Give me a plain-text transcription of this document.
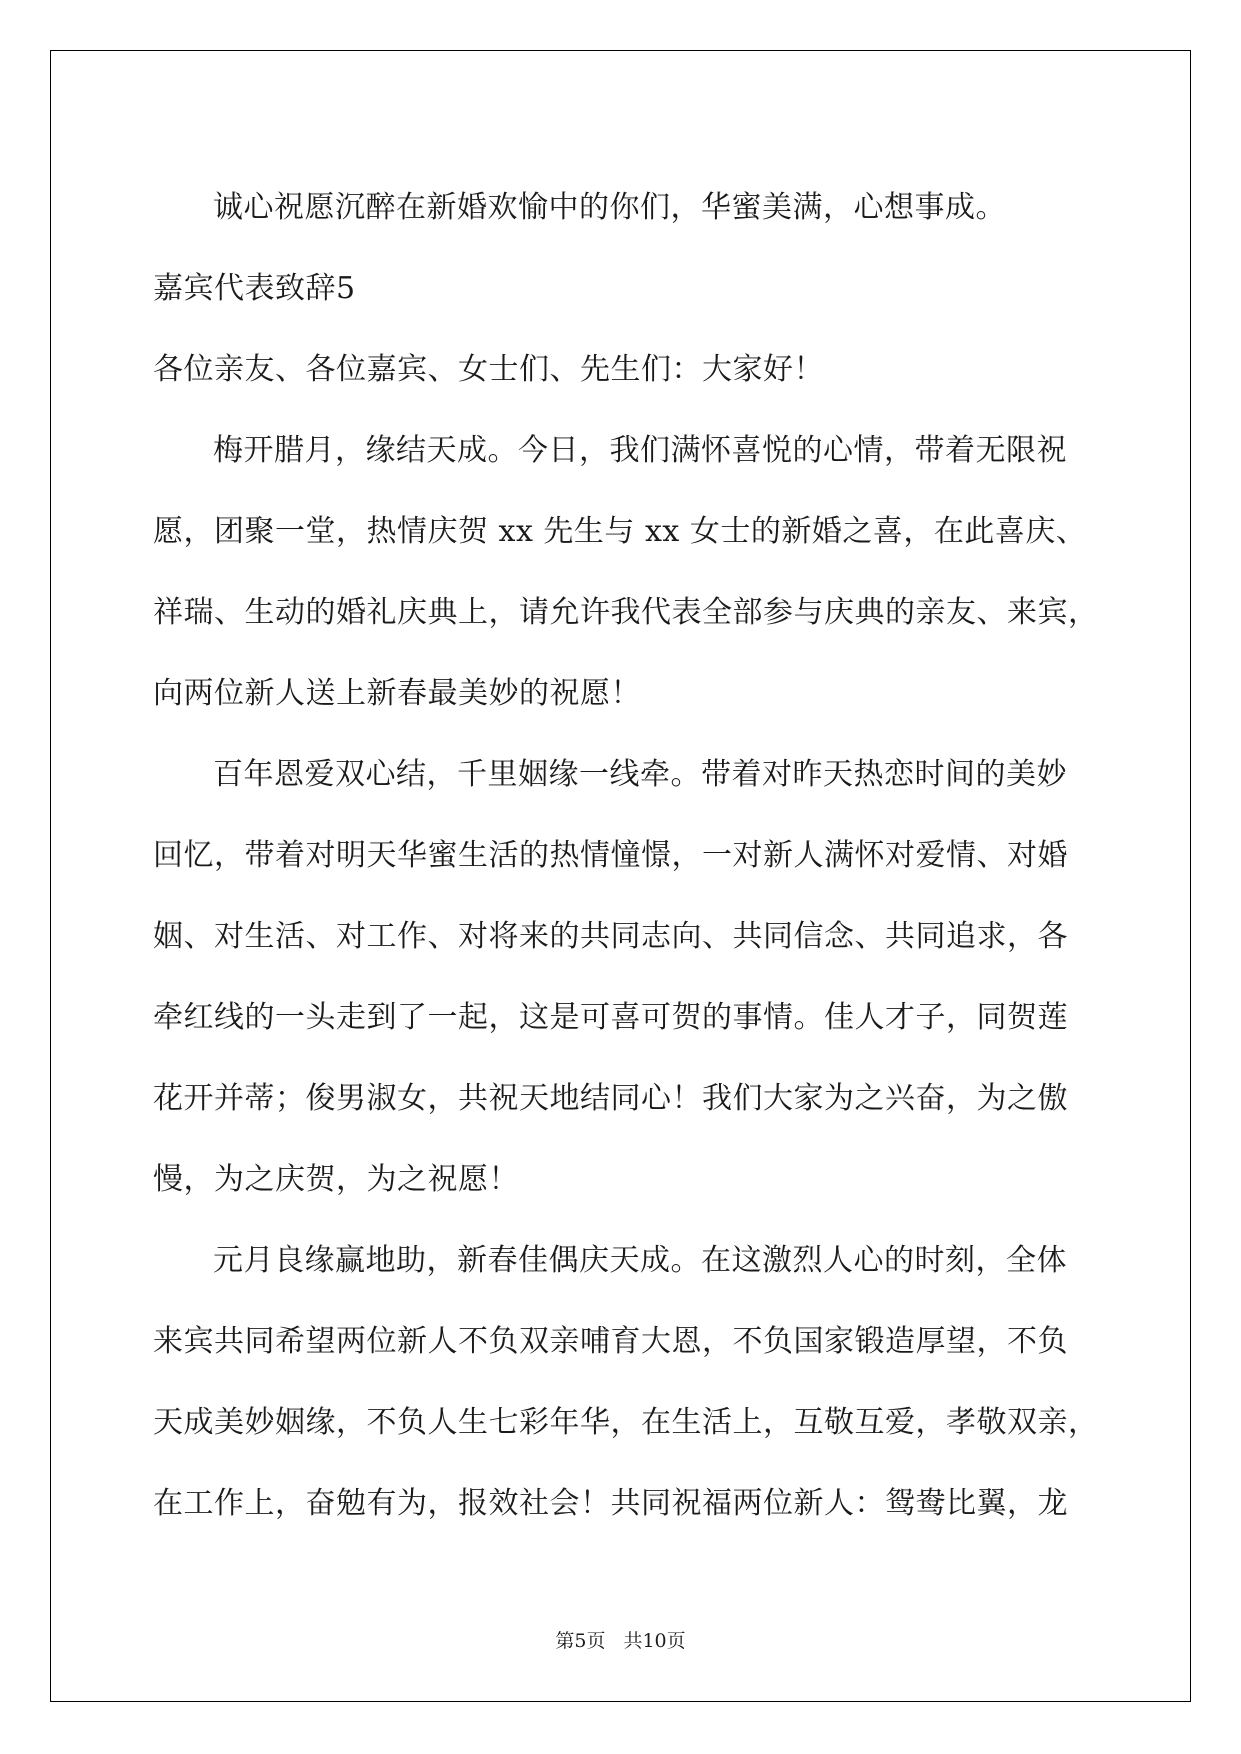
诚心祝愿沉醉在新婚欢愉中的你们，华蜜美满，心想事成。
嘉宾代表致辞5
各位亲友、各位嘉宾、女士们、先生们：大家好！
梅开腊月，缘结天成。今日，我们满怀喜悦的心情，带着无限祝
愿，团聚一堂，热情庆贺 xx 先生与 xx 女士的新婚之喜，在此喜庆、
祥瑞、生动的婚礼庆典上，请允许我代表全部参与庆典的亲友、来宾，
向两位新人送上新春最美妙的祝愿！
百年恩爱双心结，千里姻缘一线牵。带着对昨天热恋时间的美妙
回忆，带着对明天华蜜生活的热情憧憬，一对新人满怀对爱情、对婚
姻、对生活、对工作、对将来的共同志向、共同信念、共同追求，各
牵红线的一头走到了一起，这是可喜可贺的事情。佳人才子，同贺莲
花开并蒂；俊男淑女，共祝天地结同心！我们大家为之兴奋，为之傲
慢，为之庆贺，为之祝愿！
元月良缘赢地助，新春佳偶庆天成。在这激烈人心的时刻，全体
来宾共同希望两位新人不负双亲哺育大恩，不负国家锻造厚望，不负
天成美妙姻缘，不负人生七彩年华，在生活上，互敬互爱，孝敬双亲，
在工作上，奋勉有为，报效社会！共同祝福两位新人：鸳鸯比翼，龙
第5页 共10页
